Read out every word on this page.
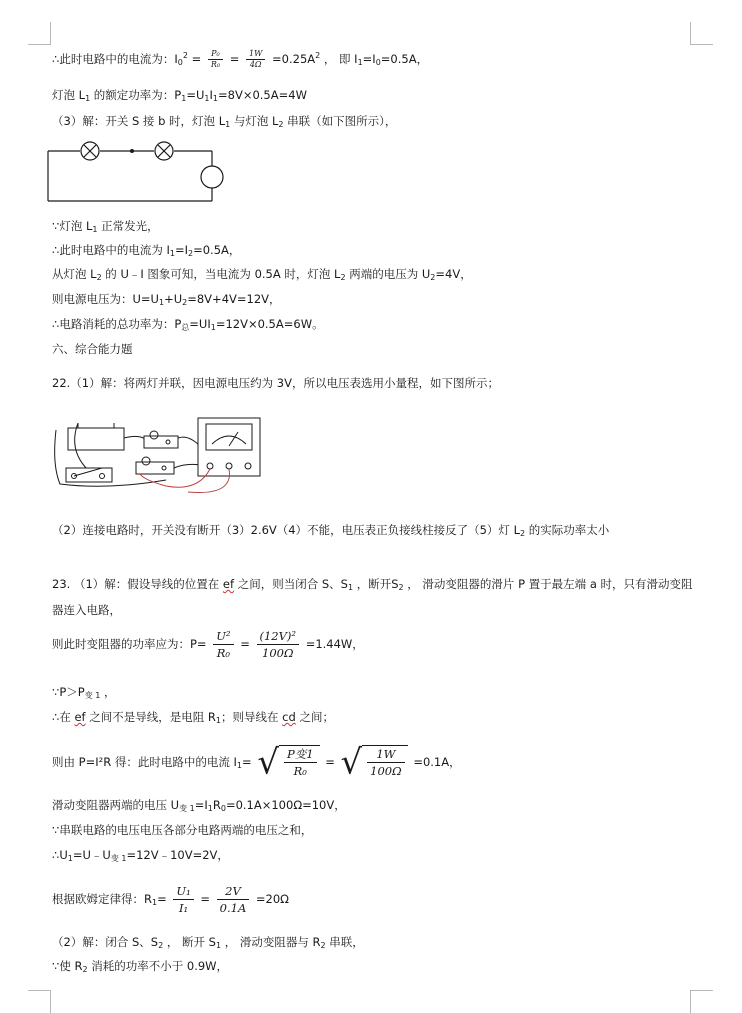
∴此时电路中的电流为：$I_0^2 = \frac{\text{P₀}}{\text{R₀}} = \frac{1W}{4\Omega} =0.25A^2$ ， 即 $I_1=I_0=0.5A$，
灯泡 $L_1$ 的额定功率为：$P_1=U_1I_1=8V\times 0.5A=4W$
（3）解：开关 S 接 b 时，灯泡 $L_1$ 与灯泡 $L_2$ 串联（如下图所示），
∵灯泡 $L_1$ 正常发光，
∴此时电路中的电流为 $I_1=I_2=0.5A$，
从灯泡 $L_2$ 的 U﹣I 图象可知，当电流为 0.5A 时，灯泡 $L_2$ 两端的电压为 $U_2=4V$，
则电源电压为：$U=U_1+U_2=8V+4V=12V$，
∴电路消耗的总功率为：$P_总=UI_1=12V\times 0.5A=6W$。
六、综合能力题
22.（1）解：将两灯并联，因电源电压约为 3V，所以电压表选用小量程，如下图所示；
（2）连接电路时，开关没有断开（3）2.6V（4）不能，电压表正负接线柱接反了（5）灯 $L_2$ 的实际功率太小
23. （1）解：假设导线的位置在 ef 之间，则当闭合 S、$S_1$ ，断开$S_2$ ， 滑动变阻器的滑片 P 置于最左端 a 时，只有滑动变阻器连入电路，
则此时变阻器的功率应为：$P= \frac{\text{U²}}{\text{R₀}} = \frac{\text{(12V)²}}{100\Omega} =1.44W$，
$\because P>P_{变 1}$ ，
∴在 ef 之间不是导线，是电阻 $R_1$；则导线在 cd 之间；
则由 P=I²R 得：此时电路中的电流 $I_1=$ √ $\frac{\text{P变1}}{\text{R₀}}$ = √ $\frac{1W}{100\Omega} =0.1A$，
滑动变阻器两端的电压 $U_{变 1}=I_1R_0=0.1A\times 100\Omega=10V$，
∵串联电路的电压电压各部分电路两端的电压之和，
$\therefore U_1=U﹣U_{变 1}=12V﹣10V=2V$，
根据欧姆定律得：$R_1= \frac{\text{U₁}}{\text{I₁}} = \frac{2V}{0.1A} =20\Omega$
（2）解：闭合 S、$S_2$ ， 断开 $S_1$ ， 滑动变阻器与 $R_2$ 串联，
∵使 $R_2$ 消耗的功率不小于 0.9W，
